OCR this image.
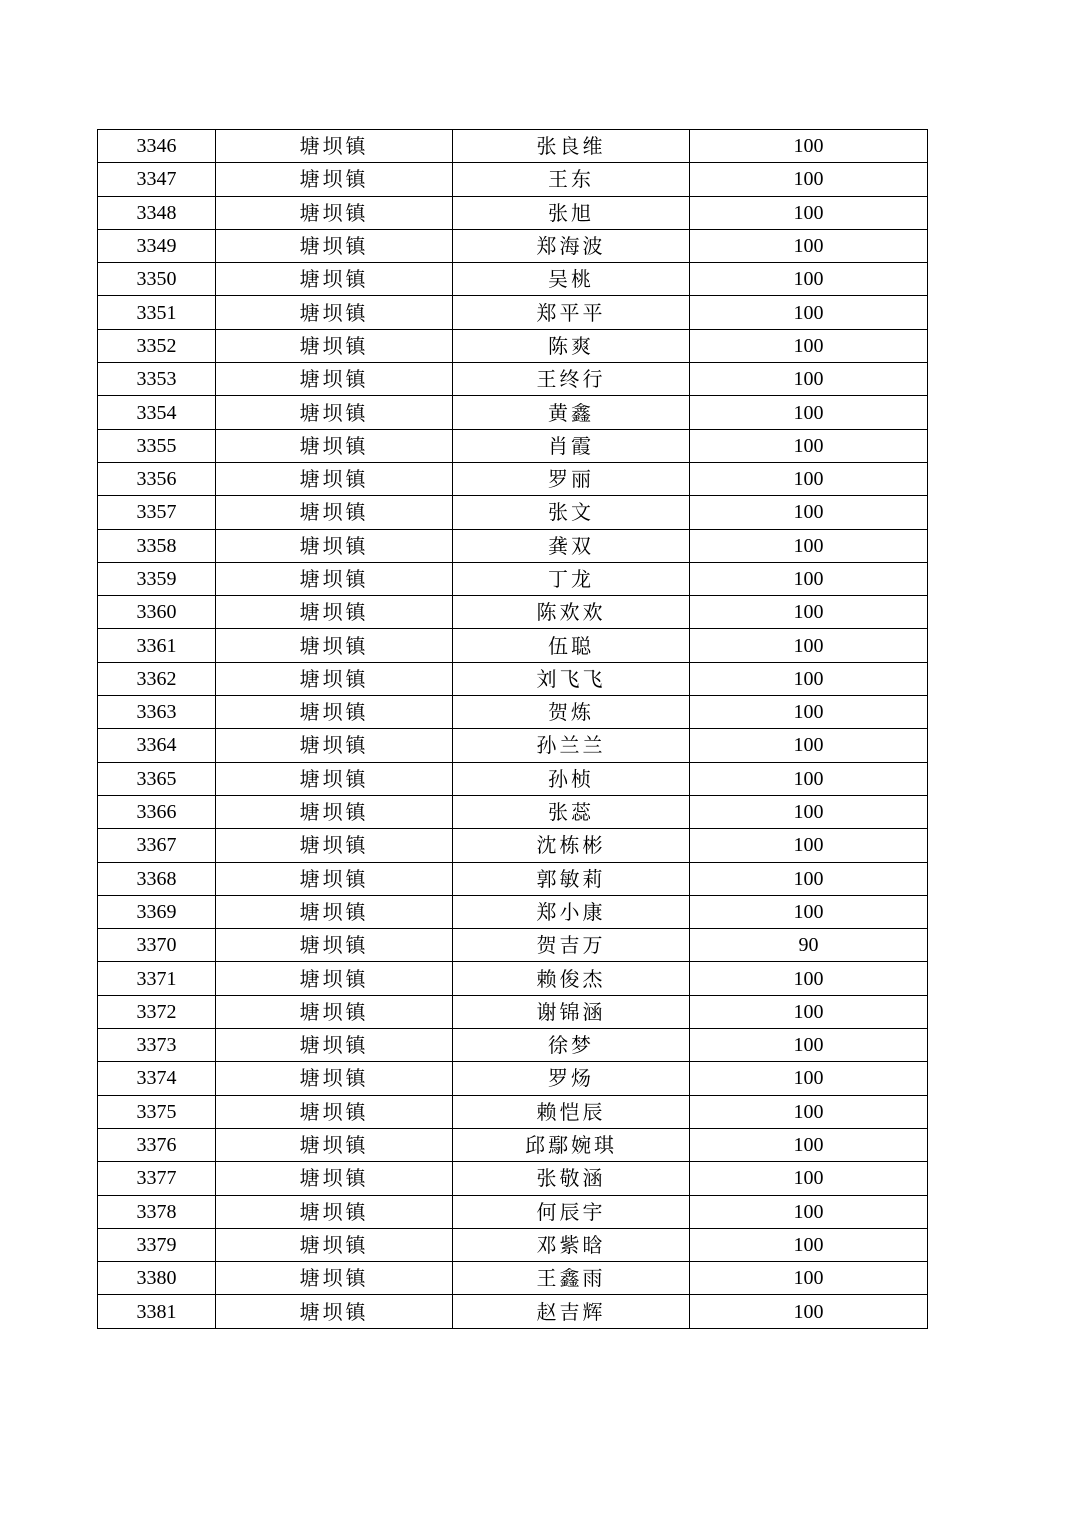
3346	塘坝镇	张良维	100
3347	塘坝镇	王东	100
3348	塘坝镇	张旭	100
3349	塘坝镇	郑海波	100
3350	塘坝镇	吴桃	100
3351	塘坝镇	郑平平	100
3352	塘坝镇	陈爽	100
3353	塘坝镇	王终行	100
3354	塘坝镇	黄鑫	100
3355	塘坝镇	肖霞	100
3356	塘坝镇	罗丽	100
3357	塘坝镇	张文	100
3358	塘坝镇	龚双	100
3359	塘坝镇	丁龙	100
3360	塘坝镇	陈欢欢	100
3361	塘坝镇	伍聪	100
3362	塘坝镇	刘飞飞	100
3363	塘坝镇	贺炼	100
3364	塘坝镇	孙兰兰	100
3365	塘坝镇	孙桢	100
3366	塘坝镇	张蕊	100
3367	塘坝镇	沈栋彬	100
3368	塘坝镇	郭敏莉	100
3369	塘坝镇	郑小康	100
3370	塘坝镇	贺吉万	90
3371	塘坝镇	赖俊杰	100
3372	塘坝镇	谢锦涵	100
3373	塘坝镇	徐梦	100
3374	塘坝镇	罗炀	100
3375	塘坝镇	赖恺辰	100
3376	塘坝镇	邱鄢婉琪	100
3377	塘坝镇	张敬涵	100
3378	塘坝镇	何辰宇	100
3379	塘坝镇	邓紫晗	100
3380	塘坝镇	王鑫雨	100
3381	塘坝镇	赵吉辉	100
